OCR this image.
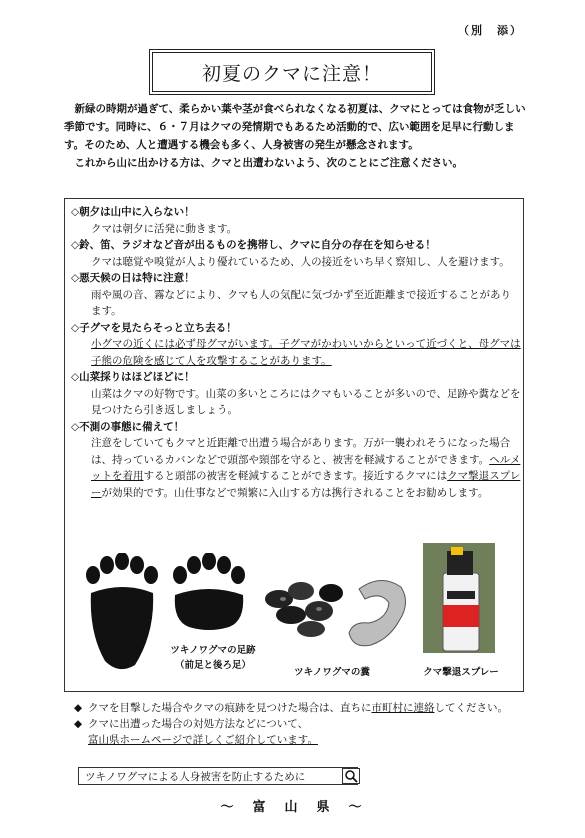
（別　添）
初夏のクマに注意！

新緑の時期が過ぎて、柔らかい葉や茎が食べられなくなる初夏は、クマにとっては食物が乏しい季節です。同時に、６・７月はクマの発情期でもあるため活動的で、広い範囲を足早に行動します。そのため、人と遭遇する機会も多く、人身被害の発生が懸念されます。

これから山に出かける方は、クマと出遭わないよう、次のことにご注意ください。

◇朝夕は山中に入らない！
クマは朝夕に活発に動きます。
◇鈴、笛、ラジオなど音が出るものを携帯し、クマに自分の存在を知らせる！
クマは聴覚や嗅覚が人より優れているため、人の接近をいち早く察知し、人を避けます。
◇悪天候の日は特に注意！
雨や風の音、霧などにより、クマも人の気配に気づかず至近距離まで接近することがあります。
◇子グマを見たらそっと立ち去る！
小グマの近くには必ず母グマがいます。子グマがかわいいからといって近づくと、母グマは子熊の危険を感じて人を攻撃することがあります。
◇山菜採りはほどほどに！
山菜はクマの好物です。山菜の多いところにはクマもいることが多いので、足跡や糞などを見つけたら引き返しましょう。
◇不測の事態に備えて！
注意をしていてもクマと近距離で出遭う場合があります。万が一襲われそうになった場合は、持っているカバンなどで頭部や頸部を守ると、被害を軽減することができます。ヘルメットを着用すると頭部の被害を軽減することができます。接近するクマにはクマ撃退スプレーが効果的です。山仕事などで頻繁に入山する方は携行されることをお勧めします。
ツキノワグマの足跡
（前足と後ろ足）
ツキノワグマの糞	クマ撃退スプレー
◆ クマを目撃した場合やクマの痕跡を見つけた場合は、直ちに市町村に連絡してください。
◆ クマに出遭った場合の対処方法などについて、
富山県ホームページで詳しくご紹介しています。
ツキノワグマによる人身被害を防止するために
～　富　山　県　～
